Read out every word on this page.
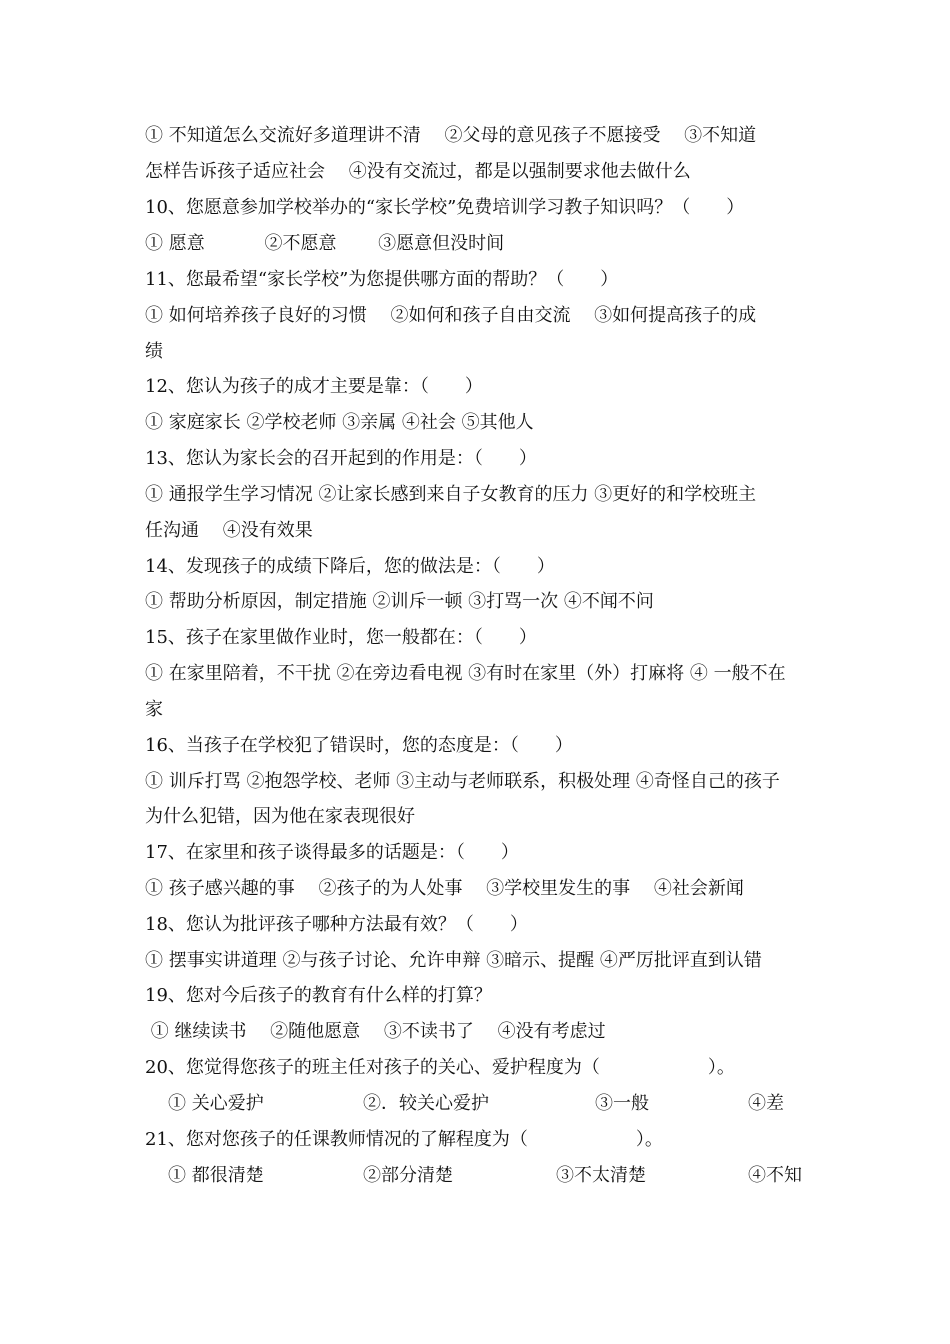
① 不知道怎么交流好多道理讲不清　 ②父母的意见孩子不愿接受　 ③不知道
怎样告诉孩子适应社会　 ④没有交流过，都是以强制要求他去做什么
10、您愿意参加学校举办的“家长学校”免费培训学习教子知识吗？（　　）
① 愿意　　　 ②不愿意　　 ③愿意但没时间
11、您最希望“家长学校”为您提供哪方面的帮助？（　　）
① 如何培养孩子良好的习惯　 ②如何和孩子自由交流　 ③如何提高孩子的成
绩
12、您认为孩子的成才主要是靠：（　　）
① 家庭家长 ②学校老师 ③亲属 ④社会 ⑤其他人
13、您认为家长会的召开起到的作用是：（　　）
① 通报学生学习情况 ②让家长感到来自子女教育的压力 ③更好的和学校班主
任沟通　 ④没有效果
14、发现孩子的成绩下降后，您的做法是：（　　）
① 帮助分析原因，制定措施 ②训斥一顿 ③打骂一次 ④不闻不问
15、孩子在家里做作业时，您一般都在：（　　）
① 在家里陪着，不干扰 ②在旁边看电视 ③有时在家里（外）打麻将 ④ 一般不在
家
16、当孩子在学校犯了错误时，您的态度是：（　　）
① 训斥打骂 ②抱怨学校、老师 ③主动与老师联系，积极处理 ④奇怪自己的孩子
为什么犯错，因为他在家表现很好
17、在家里和孩子谈得最多的话题是：（　　）
① 孩子感兴趣的事　 ②孩子的为人处事　 ③学校里发生的事　 ④社会新闻
18、您认为批评孩子哪种方法最有效？（　　）
① 摆事实讲道理 ②与孩子讨论、允许申辩 ③暗示、提醒 ④严厉批评直到认错
19、您对今后孩子的教育有什么样的打算？
① 继续读书　 ②随他愿意　 ③不读书了　 ④没有考虑过
20、您觉得您孩子的班主任对孩子的关心、爱护程度为（　　　　　　）。
① 关心爱护	②．较关心爱护	③一般	④差
21、您对您孩子的任课教师情况的了解程度为（　　　　　　）。
① 都很清楚	②部分清楚	③不太清楚	④不知
